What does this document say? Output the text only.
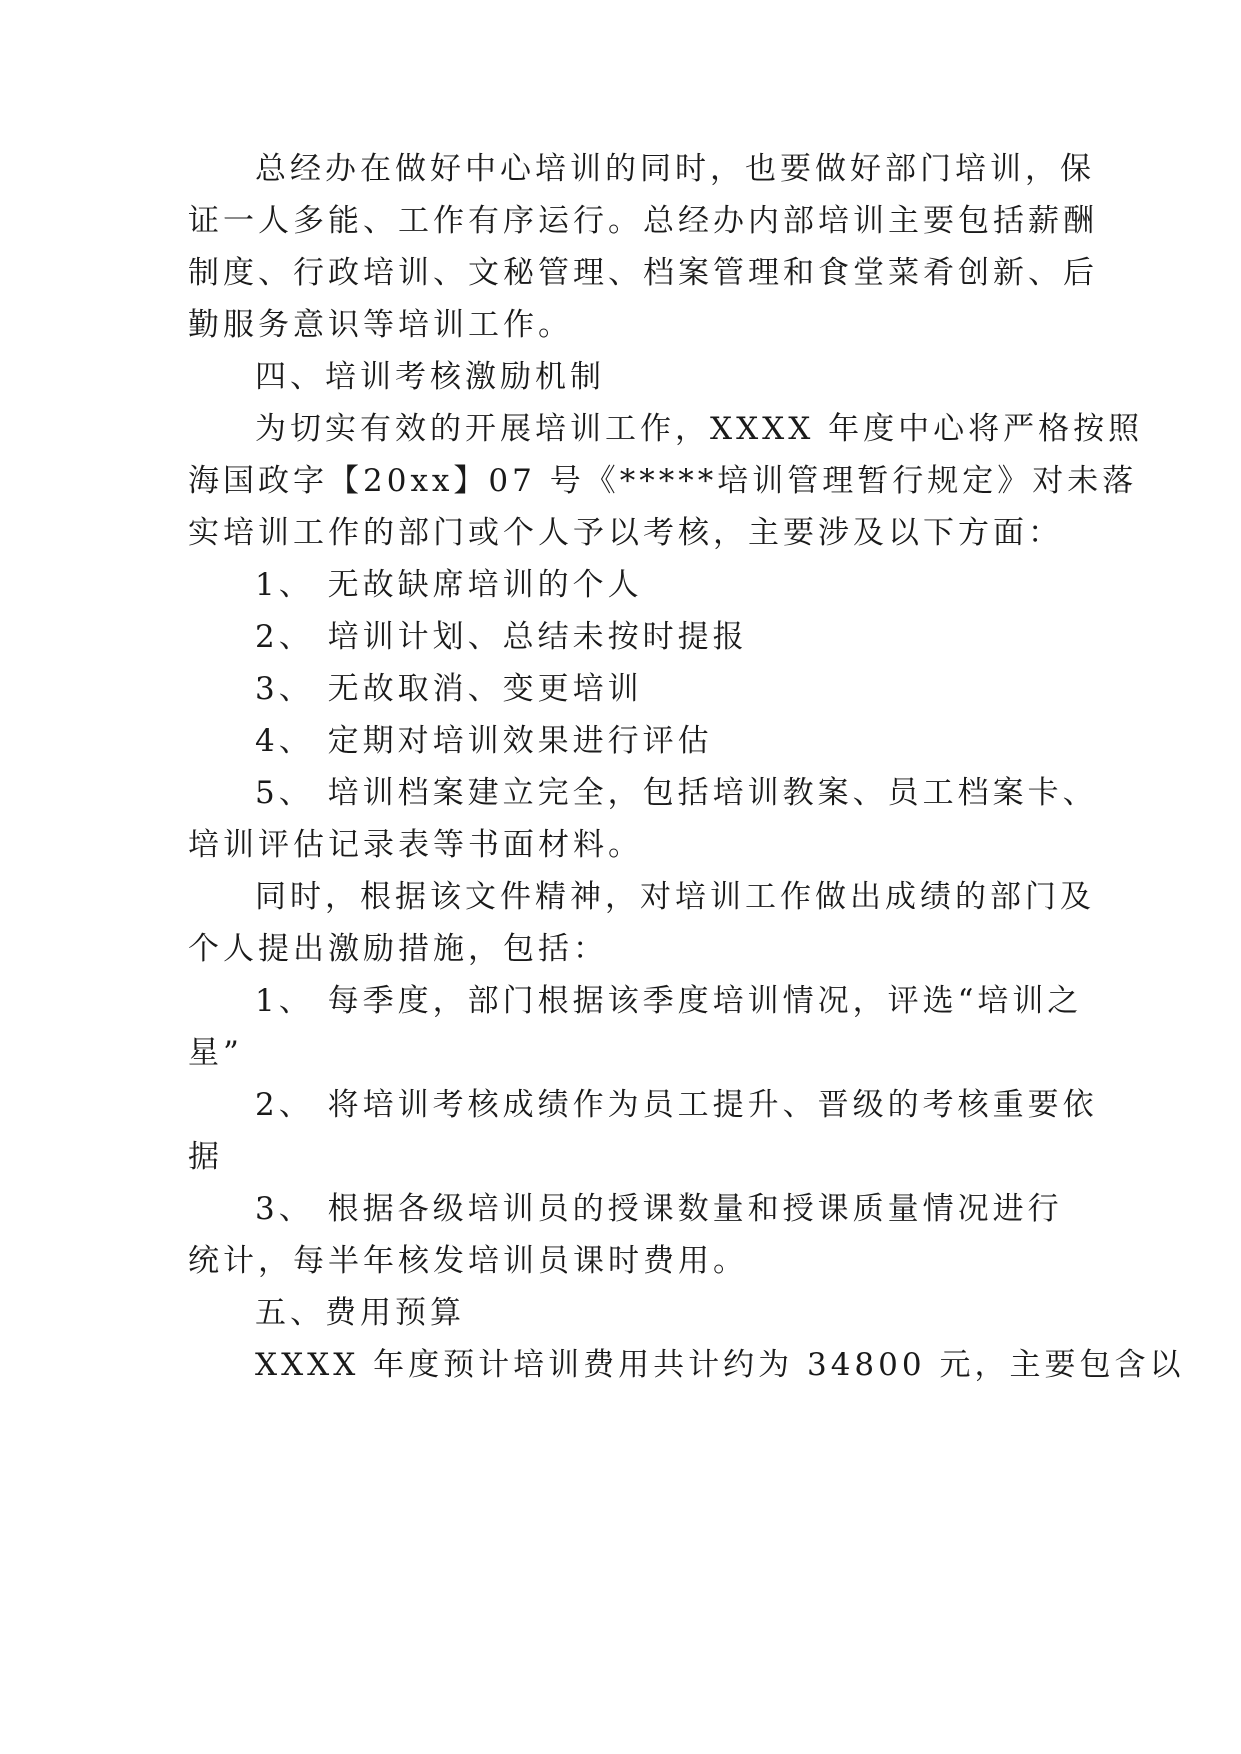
总经办在做好中心培训的同时，也要做好部门培训，保
证一人多能、工作有序运行。总经办内部培训主要包括薪酬
制度、行政培训、文秘管理、档案管理和食堂菜肴创新、后
勤服务意识等培训工作。
四、培训考核激励机制
为切实有效的开展培训工作，XXXX 年度中心将严格按照
海国政字【20xx】07 号《*****培训管理暂行规定》对未落
实培训工作的部门或个人予以考核，主要涉及以下方面：
1、 无故缺席培训的个人
2、 培训计划、总结未按时提报
3、 无故取消、变更培训
4、 定期对培训效果进行评估
5、 培训档案建立完全，包括培训教案、员工档案卡、
培训评估记录表等书面材料。
同时，根据该文件精神，对培训工作做出成绩的部门及
个人提出激励措施，包括：
1、 每季度，部门根据该季度培训情况，评选“培训之
星”
2、 将培训考核成绩作为员工提升、晋级的考核重要依
据
3、 根据各级培训员的授课数量和授课质量情况进行
统计，每半年核发培训员课时费用。
五、费用预算
XXXX 年度预计培训费用共计约为 34800 元，主要包含以
